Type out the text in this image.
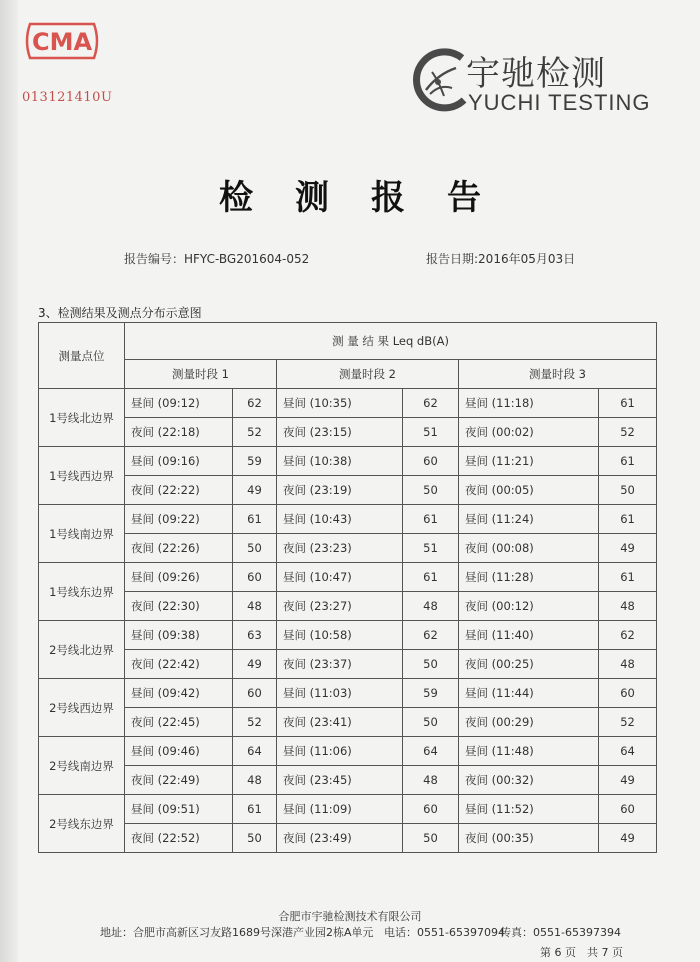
CMA
013121410U
宇驰检测
YUCHI TESTING
检测报告
报告编号：HFYC-BG201604-052	报告日期:2016年05月03日
3、检测结果及测点分布示意图
测量点位	测 量 结 果 Leq dB(A)					
	测量时段 1		测量时段 2		测量时段 3	
1号线北边界	昼间 (09:12)	62	昼间 (10:35)	62	昼间 (11:18)	61
	夜间 (22:18)	52	夜间 (23:15)	51	夜间 (00:02)	52
1号线西边界	昼间 (09:16)	59	昼间 (10:38)	60	昼间 (11:21)	61
	夜间 (22:22)	49	夜间 (23:19)	50	夜间 (00:05)	50
1号线南边界	昼间 (09:22)	61	昼间 (10:43)	61	昼间 (11:24)	61
	夜间 (22:26)	50	夜间 (23:23)	51	夜间 (00:08)	49
1号线东边界	昼间 (09:26)	60	昼间 (10:47)	61	昼间 (11:28)	61
	夜间 (22:30)	48	夜间 (23:27)	48	夜间 (00:12)	48
2号线北边界	昼间 (09:38)	63	昼间 (10:58)	62	昼间 (11:40)	62
	夜间 (22:42)	49	夜间 (23:37)	50	夜间 (00:25)	48
2号线西边界	昼间 (09:42)	60	昼间 (11:03)	59	昼间 (11:44)	60
	夜间 (22:45)	52	夜间 (23:41)	50	夜间 (00:29)	52
2号线南边界	昼间 (09:46)	64	昼间 (11:06)	64	昼间 (11:48)	64
	夜间 (22:49)	48	夜间 (23:45)	48	夜间 (00:32)	49
2号线东边界	昼间 (09:51)	61	昼间 (11:09)	60	昼间 (11:52)	60
	夜间 (22:52)	50	夜间 (23:49)	50	夜间 (00:35)	49
合肥市宇驰检测技术有限公司
地址：合肥市高新区习友路1689号深港产业园2栋A单元 电话：0551-65397094
传真：0551-65397394
第 6 页　共 7 页
